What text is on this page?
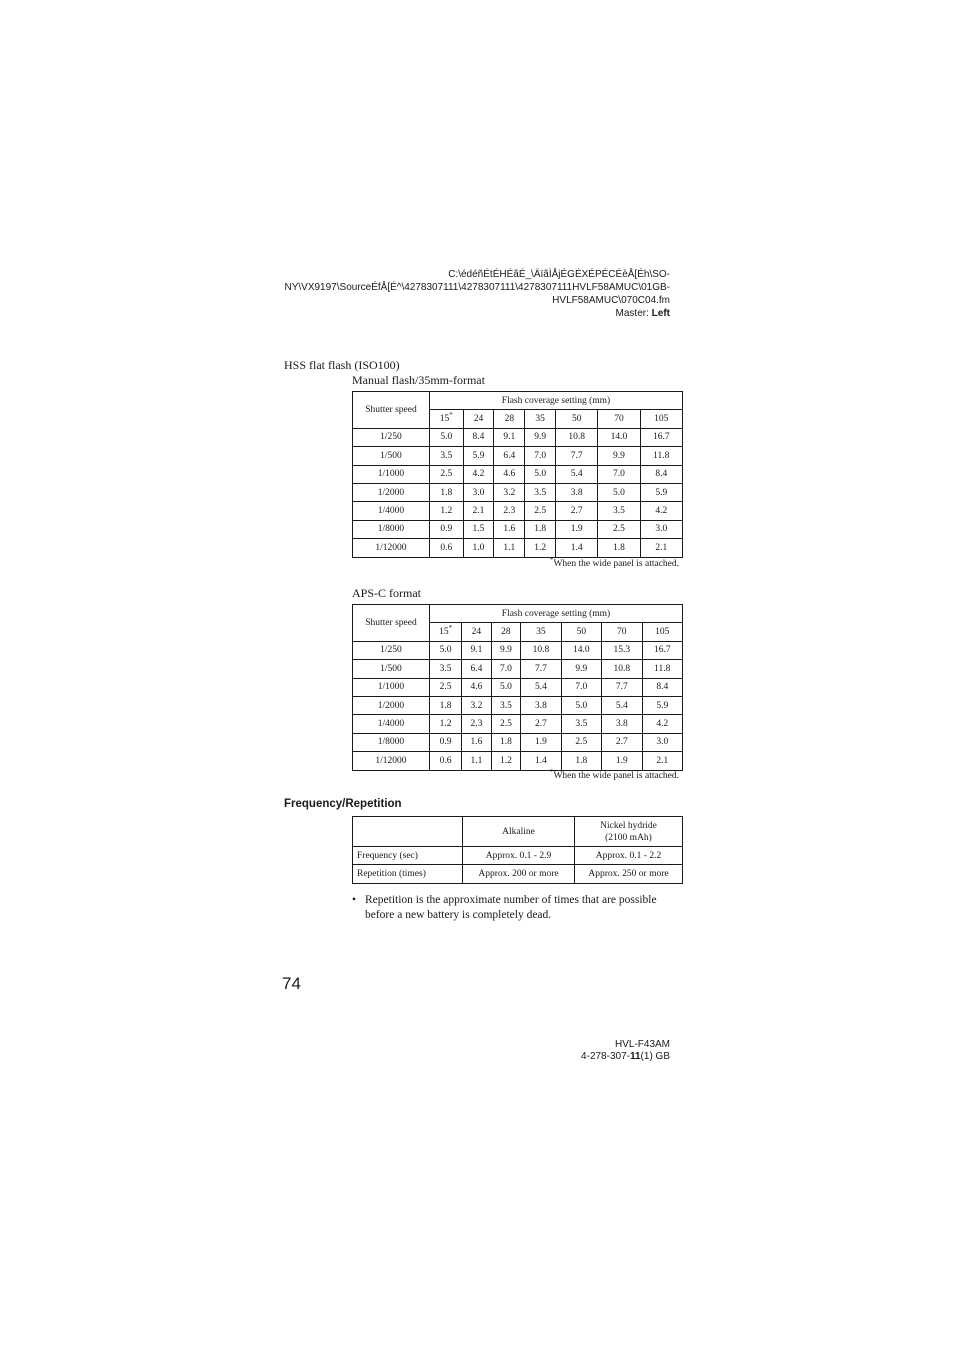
C:\édéñÉtÉHÉãÉ_\ÄïãÌÅjÉGÉXÉPÉCÉèÅ[Éh\SO-
NY\VX9197\SourceÉfÅ[É^\4278307111\4278307111\4278307111HVLF58AMUC\01GB-
HVLF58AMUC\070C04.fm
Master: Left
HSS flat flash (ISO100)
Manual flash/35mm-format
Shutter speed	Flash coverage setting (mm)						
	15*	24	28	35	50	70	105
1/250	5.0	8.4	9.1	9.9	10.8	14.0	16.7
1/500	3.5	5.9	6.4	7.0	7.7	9.9	11.8
1/1000	2.5	4.2	4.6	5.0	5.4	7.0	8.4
1/2000	1.8	3.0	3.2	3.5	3.8	5.0	5.9
1/4000	1.2	2.1	2.3	2.5	2.7	3.5	4.2
1/8000	0.9	1.5	1.6	1.8	1.9	2.5	3.0
1/12000	0.6	1.0	1.1	1.2	1.4	1.8	2.1
*When the wide panel is attached.
APS-C format
Shutter speed	Flash coverage setting (mm)						
	15*	24	28	35	50	70	105
1/250	5.0	9.1	9.9	10.8	14.0	15.3	16.7
1/500	3.5	6.4	7.0	7.7	9.9	10.8	11.8
1/1000	2.5	4.6	5.0	5.4	7.0	7.7	8.4
1/2000	1.8	3.2	3.5	3.8	5.0	5.4	5.9
1/4000	1.2	2.3	2.5	2.7	3.5	3.8	4.2
1/8000	0.9	1.6	1.8	1.9	2.5	2.7	3.0
1/12000	0.6	1.1	1.2	1.4	1.8	1.9	2.1
*When the wide panel is attached.
Frequency/Repetition
	Alkaline	Nickel hydride
(2100 mAh)

Frequency (sec)	Approx. 0.1 - 2.9	Approx. 0.1 - 2.2
Repetition (times)	Approx. 200 or more	Approx. 250 or more
• Repetition is the approximate number of times that are possible before a new battery is completely dead.
74
HVL-F43AM
4-278-307-11(1) GB
